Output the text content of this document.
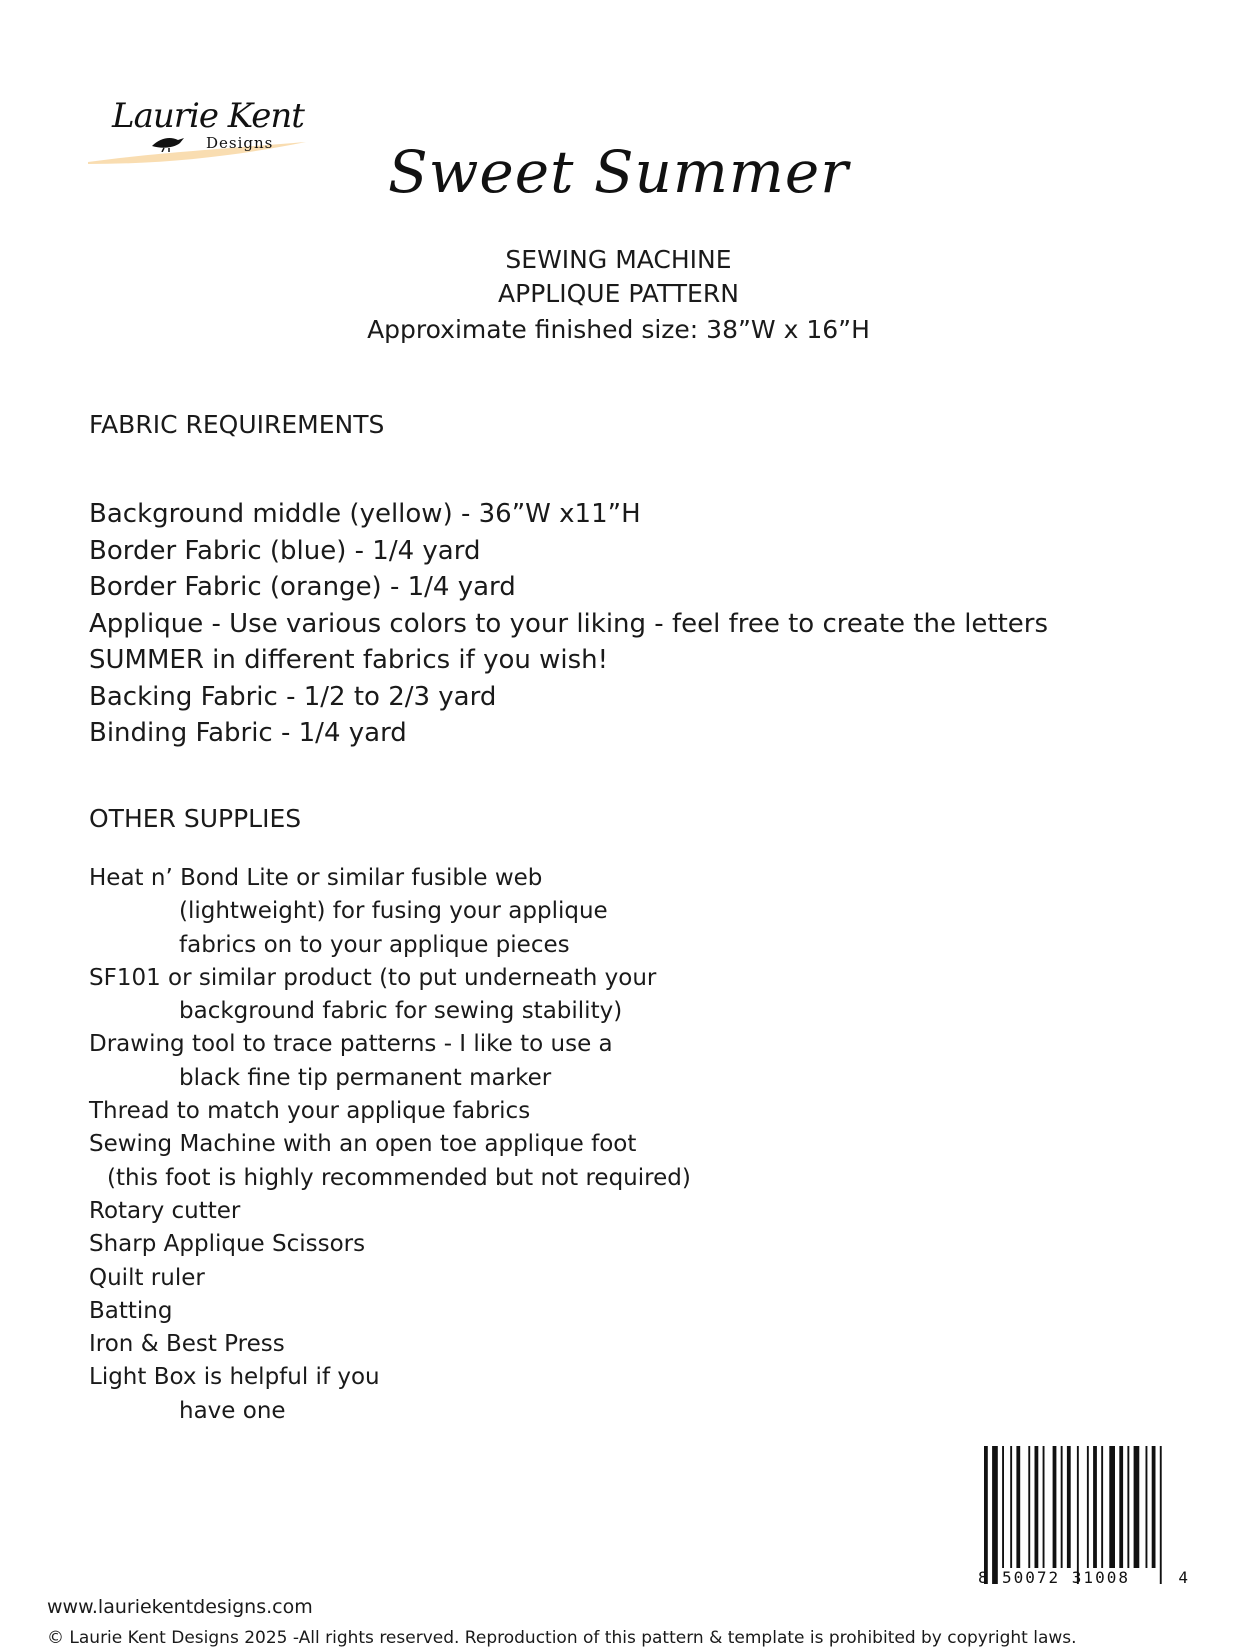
Laurie Kent
Designs	Sweet Summer
SEWING MACHINE
APPLIQUE PATTERN
Approximate finished size: 38”W x 16”H
FABRIC REQUIREMENTS
Background middle (yellow) - 36”W x11”H
Border Fabric (blue) - 1/4 yard
Border Fabric (orange) - 1/4 yard
Applique - Use various colors to your liking - feel free to create the letters
SUMMER in different fabrics if you wish!
Backing Fabric - 1/2 to 2/3 yard
Binding Fabric - 1/4 yard
OTHER SUPPLIES
Heat n’ Bond Lite or similar fusible web
(lightweight) for fusing your applique
fabrics on to your applique pieces
SF101 or similar product (to put underneath your
background fabric for sewing stability)
Drawing tool to trace patterns - I like to use a
black fine tip permanent marker
Thread to match your applique fabrics
Sewing Machine with an open toe applique foot
(this foot is highly recommended but not required)
Rotary cutter
Sharp Applique Scissors
Quilt ruler
Batting
Iron & Best Press
Light Box is helpful if you
have one
8 50072 31008	4
www.lauriekentdesigns.com
© Laurie Kent Designs 2025 -All rights reserved. Reproduction of this pattern & template is prohibited by copyright laws.
